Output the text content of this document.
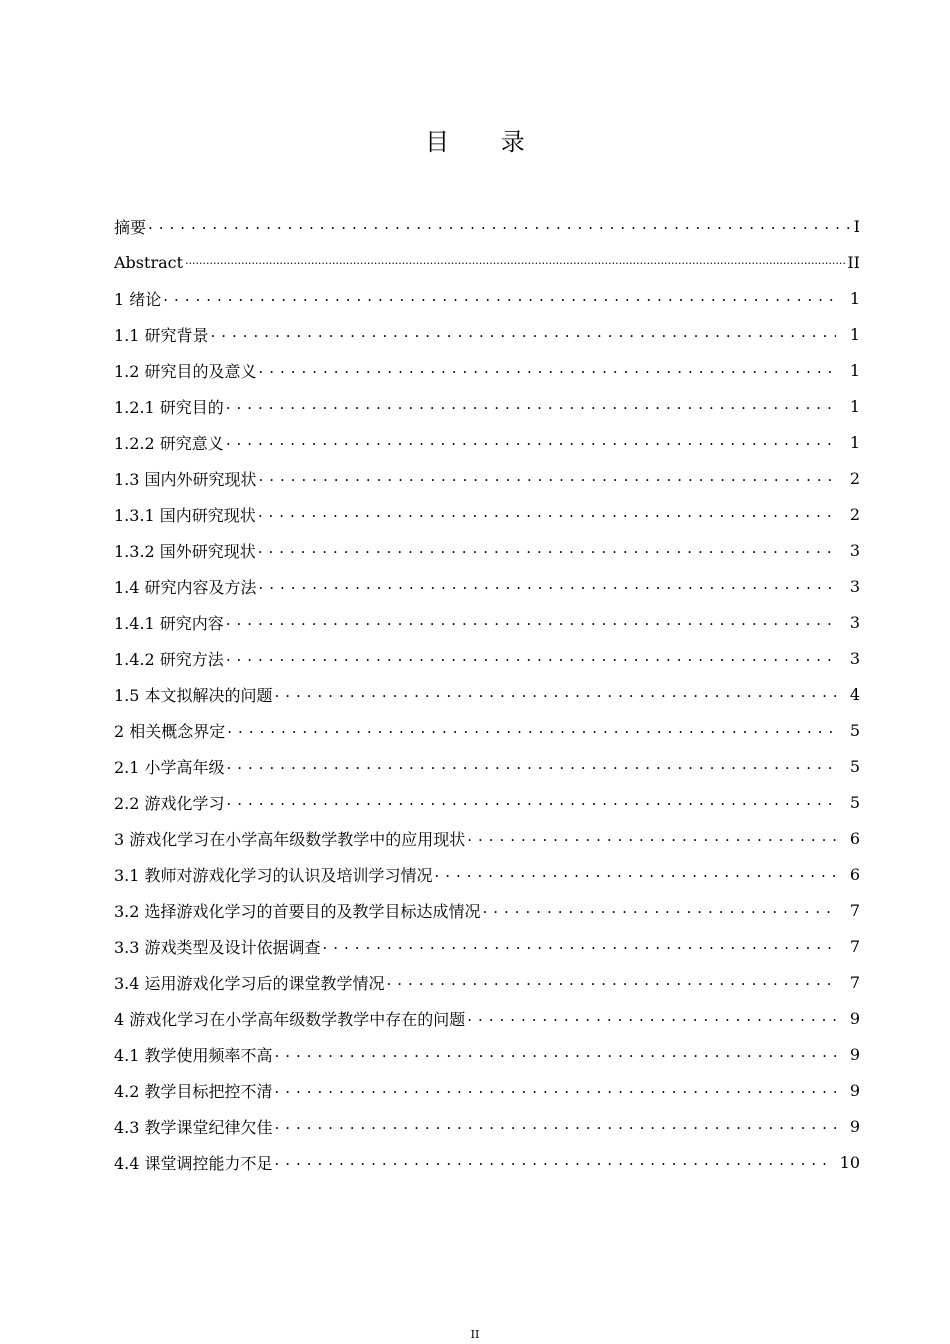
目 录
摘要 . . .	I
Abstract .....	II
1 绪论 . . .	1
1.1 研究背景 . . .	1
1.2 研究目的及意义 . . .	1
1.2.1 研究目的 . . .	1
1.2.2 研究意义 . . .	1
1.3 国内外研究现状 . . .	2
1.3.1 国内研究现状 . . .	2
1.3.2 国外研究现状 . . .	3
1.4 研究内容及方法 . . .	3
1.4.1 研究内容 . . .	3
1.4.2 研究方法 . . .	3
1.5 本文拟解决的问题 . . .	4
2 相关概念界定 . . .	5
2.1 小学高年级 . . .	5
2.2 游戏化学习 . . .	5
3 游戏化学习在小学高年级数学教学中的应用现状 . . .	6
3.1 教师对游戏化学习的认识及培训学习情况 . . .	6
3.2 选择游戏化学习的首要目的及教学目标达成情况 . . .	7
3.3 游戏类型及设计依据调查 . . .	7
3.4 运用游戏化学习后的课堂教学情况 . . .	7
4 游戏化学习在小学高年级数学教学中存在的问题 . . .	9
4.1 教学使用频率不高 . . .	9
4.2 教学目标把控不清 . . .	9
4.3 教学课堂纪律欠佳 . . .	9
4.4 课堂调控能力不足 . . .	10
II
